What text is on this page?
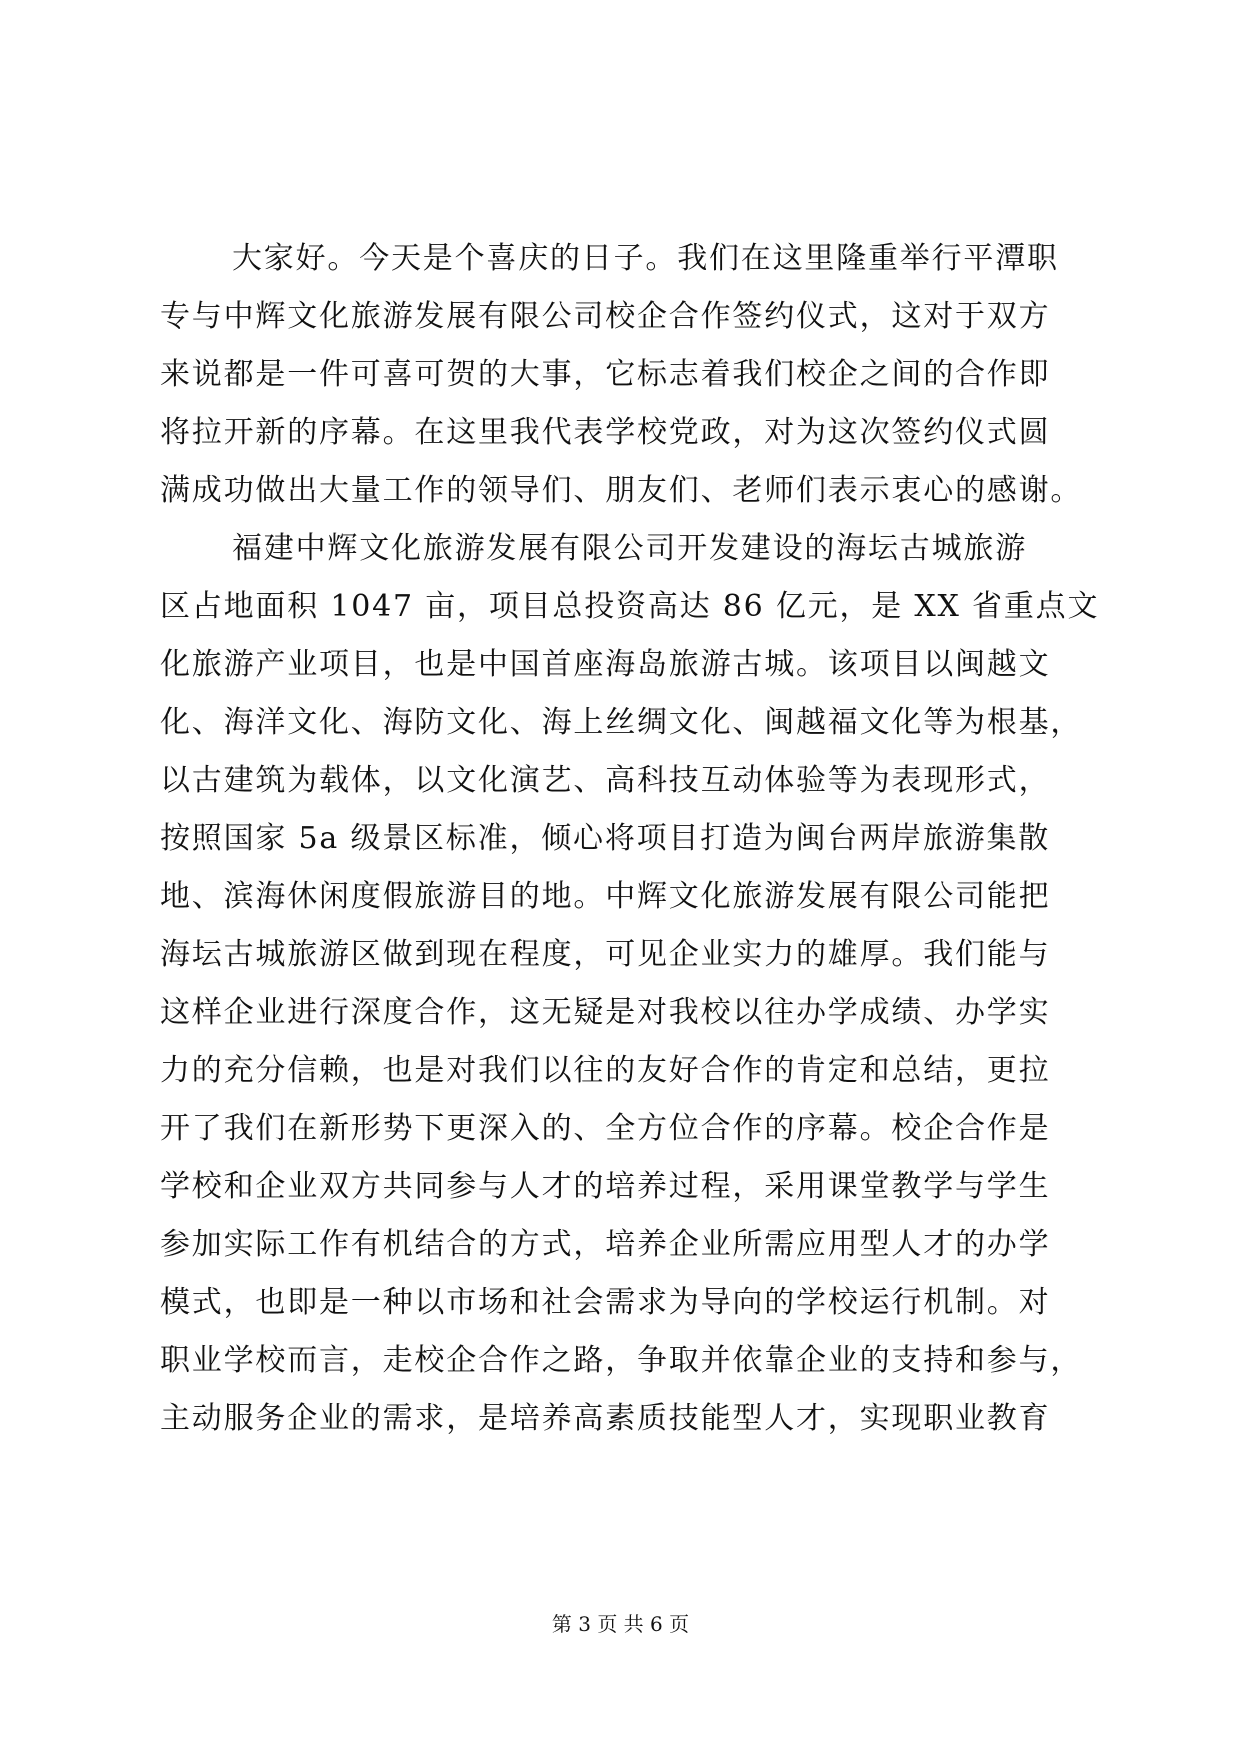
大家好。今天是个喜庆的日子。我们在这里隆重举行平潭职
专与中辉文化旅游发展有限公司校企合作签约仪式，这对于双方
来说都是一件可喜可贺的大事，它标志着我们校企之间的合作即
将拉开新的序幕。在这里我代表学校党政，对为这次签约仪式圆
满成功做出大量工作的领导们、朋友们、老师们表示衷心的感谢。
福建中辉文化旅游发展有限公司开发建设的海坛古城旅游
区占地面积 1047 亩，项目总投资高达 86 亿元，是 XX 省重点文
化旅游产业项目，也是中国首座海岛旅游古城。该项目以闽越文
化、海洋文化、海防文化、海上丝绸文化、闽越福文化等为根基，
以古建筑为载体，以文化演艺、高科技互动体验等为表现形式，
按照国家 5a 级景区标准，倾心将项目打造为闽台两岸旅游集散
地、滨海休闲度假旅游目的地。中辉文化旅游发展有限公司能把
海坛古城旅游区做到现在程度，可见企业实力的雄厚。我们能与
这样企业进行深度合作，这无疑是对我校以往办学成绩、办学实
力的充分信赖，也是对我们以往的友好合作的肯定和总结，更拉
开了我们在新形势下更深入的、全方位合作的序幕。校企合作是
学校和企业双方共同参与人才的培养过程，采用课堂教学与学生
参加实际工作有机结合的方式，培养企业所需应用型人才的办学
模式，也即是一种以市场和社会需求为导向的学校运行机制。对
职业学校而言，走校企合作之路，争取并依靠企业的支持和参与，
主动服务企业的需求，是培养高素质技能型人才，实现职业教育
第 3 页 共 6 页
